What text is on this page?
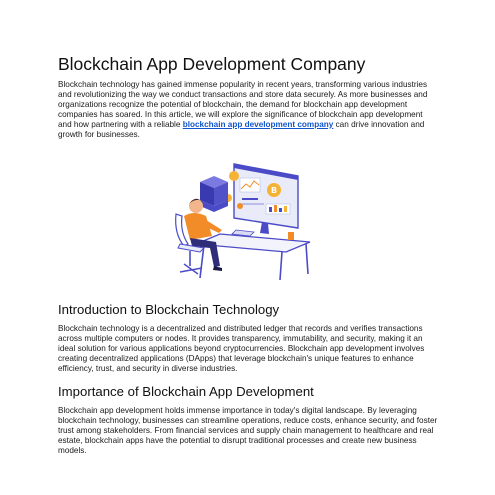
Blockchain App Development Company

Blockchain technology has gained immense popularity in recent years, transforming various industries and revolutionizing the way we conduct transactions and store data securely. As more businesses and organizations recognize the potential of blockchain, the demand for blockchain app development companies has soared. In this article, we will explore the significance of blockchain app development and how partnering with a reliable blockchain app development company can drive innovation and growth for businesses.

B
Introduction to Blockchain Technology

Blockchain technology is a decentralized and distributed ledger that records and verifies transactions across multiple computers or nodes. It provides transparency, immutability, and security, making it an ideal solution for various applications beyond cryptocurrencies. Blockchain app development involves creating decentralized applications (DApps) that leverage blockchain's unique features to enhance efficiency, trust, and security in diverse industries.

Importance of Blockchain App Development

Blockchain app development holds immense importance in today's digital landscape. By leveraging blockchain technology, businesses can streamline operations, reduce costs, enhance security, and foster trust among stakeholders. From financial services and supply chain management to healthcare and real estate, blockchain apps have the potential to disrupt traditional processes and create new business models.
